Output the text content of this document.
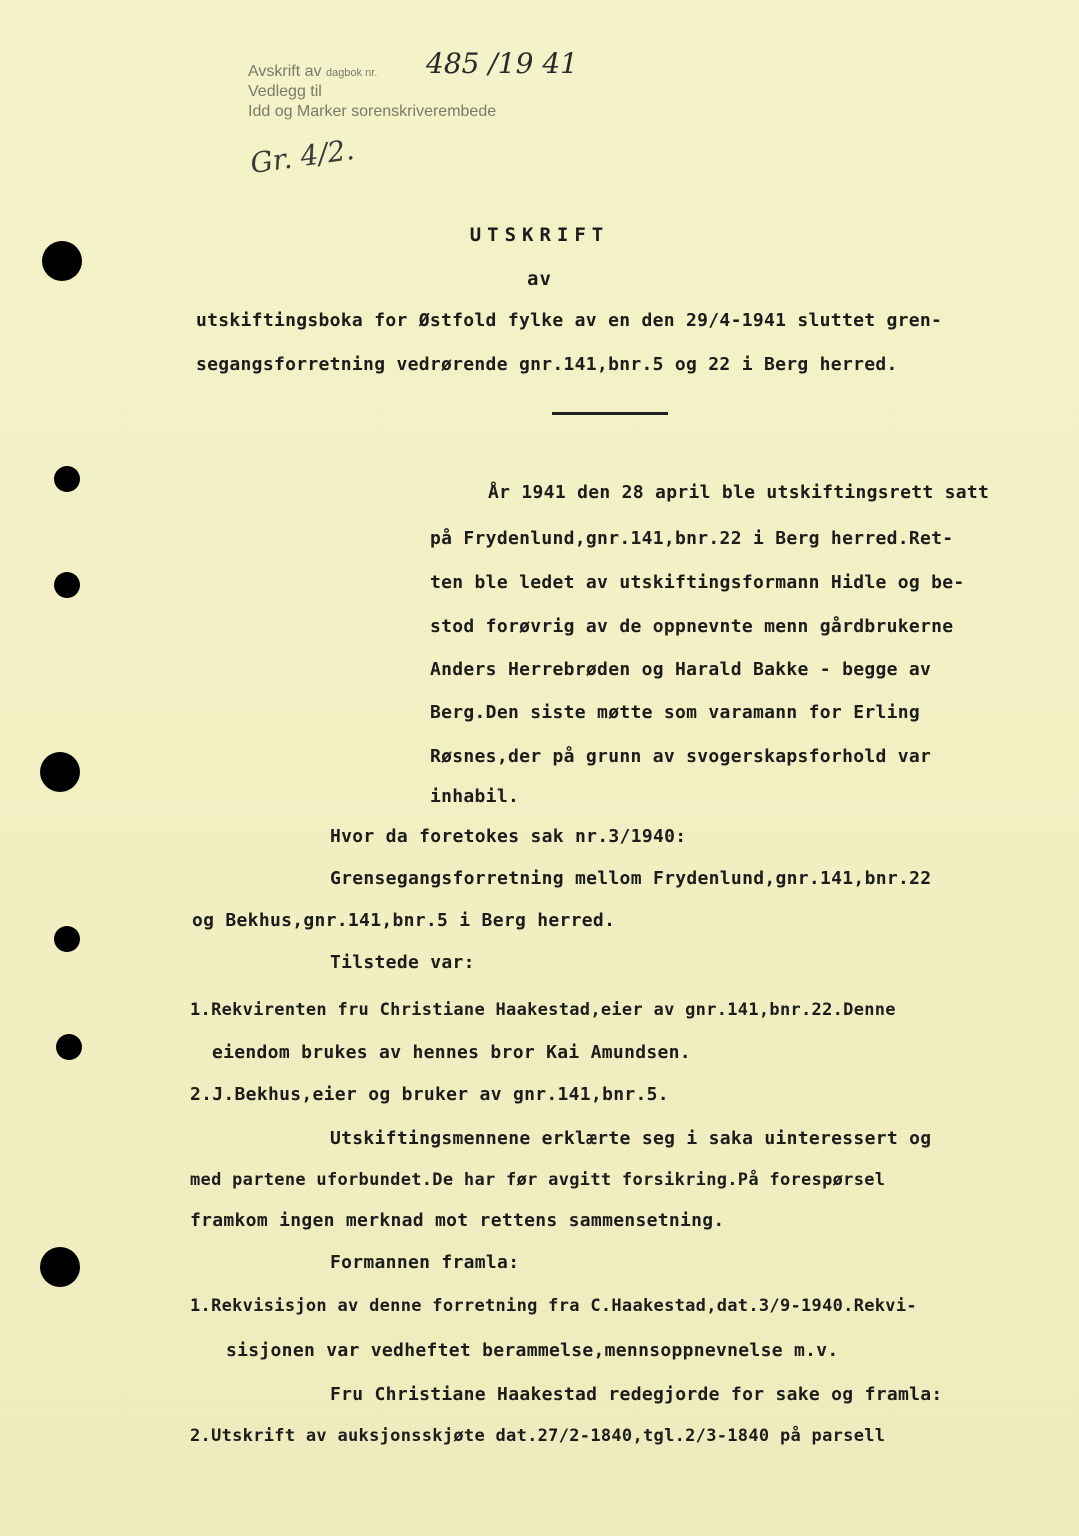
Avskrift av dagbok nr.	485 /19 41
Vedlegg til
Idd og Marker sorenskriverembede
Gr. 4/2.
UTSKRIFT
av
utskiftingsboka for Østfold fylke av en den 29/4-1941 sluttet gren-
segangsforretning vedrørende gnr.141,bnr.5 og 22 i Berg herred.
År 1941 den 28 april ble utskiftingsrett satt
på Frydenlund,gnr.141,bnr.22 i Berg herred.Ret-
ten ble ledet av utskiftingsformann Hidle og be-
stod forøvrig av de oppnevnte menn gårdbrukerne
Anders Herrebrøden og Harald Bakke - begge av
Berg.Den siste møtte som varamann for Erling
Røsnes,der på grunn av svogerskapsforhold var
inhabil.
Hvor da foretokes sak nr.3/1940:
Grensegangsforretning mellom Frydenlund,gnr.141,bnr.22
og Bekhus,gnr.141,bnr.5 i Berg herred.
Tilstede var:
1.Rekvirenten fru Christiane Haakestad,eier av gnr.141,bnr.22.Denne
eiendom brukes av hennes bror Kai Amundsen.
2.J.Bekhus,eier og bruker av gnr.141,bnr.5.
Utskiftingsmennene erklærte seg i saka uinteressert og
med partene uforbundet.De har før avgitt forsikring.På forespørsel
framkom ingen merknad mot rettens sammensetning.
Formannen framla:
1.Rekvisisjon av denne forretning fra C.Haakestad,dat.3/9-1940.Rekvi-
sisjonen var vedheftet berammelse,mennsoppnevnelse m.v.
Fru Christiane Haakestad redegjorde for sake og framla:
2.Utskrift av auksjonsskjøte dat.27/2-1840,tgl.2/3-1840 på parsell
